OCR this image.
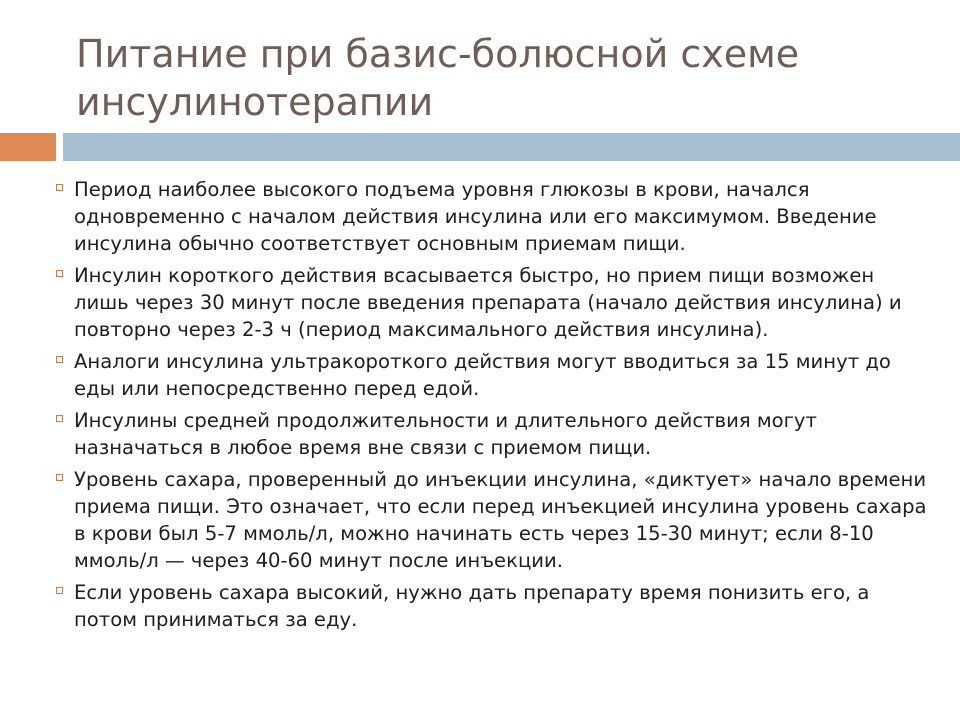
Питание при базис-болюсной схеме инсулинотерапии
Период наиболее высокого подъема уровня глюкозы в крови, начался одновременно с началом действия инсулина или его максимумом. Введение инсулина обычно соответствует основным приемам пищи.
Инсулин короткого действия всасывается быстро, но прием пищи возможен лишь через 30 минут после введения препарата (начало действия инсулина) и повторно через 2-3 ч (период максимального действия инсулина).
Аналоги инсулина ультракороткого действия могут вводиться за 15 минут до еды или непосредственно перед едой.
Инсулины средней продолжительности и длительного действия могут назначаться в любое время вне связи с приемом пищи.
Уровень сахара, проверенный до инъекции инсулина, «диктует» начало времени приема пищи. Это означает, что если перед инъекцией инсулина уровень сахара в крови был 5-7 ммоль/л, можно начинать есть через 15-30 минут; если 8-10 ммоль/л — через 40-60 минут после инъекции.
Если уровень сахара высокий, нужно дать препарату время понизить его, а потом приниматься за еду.
